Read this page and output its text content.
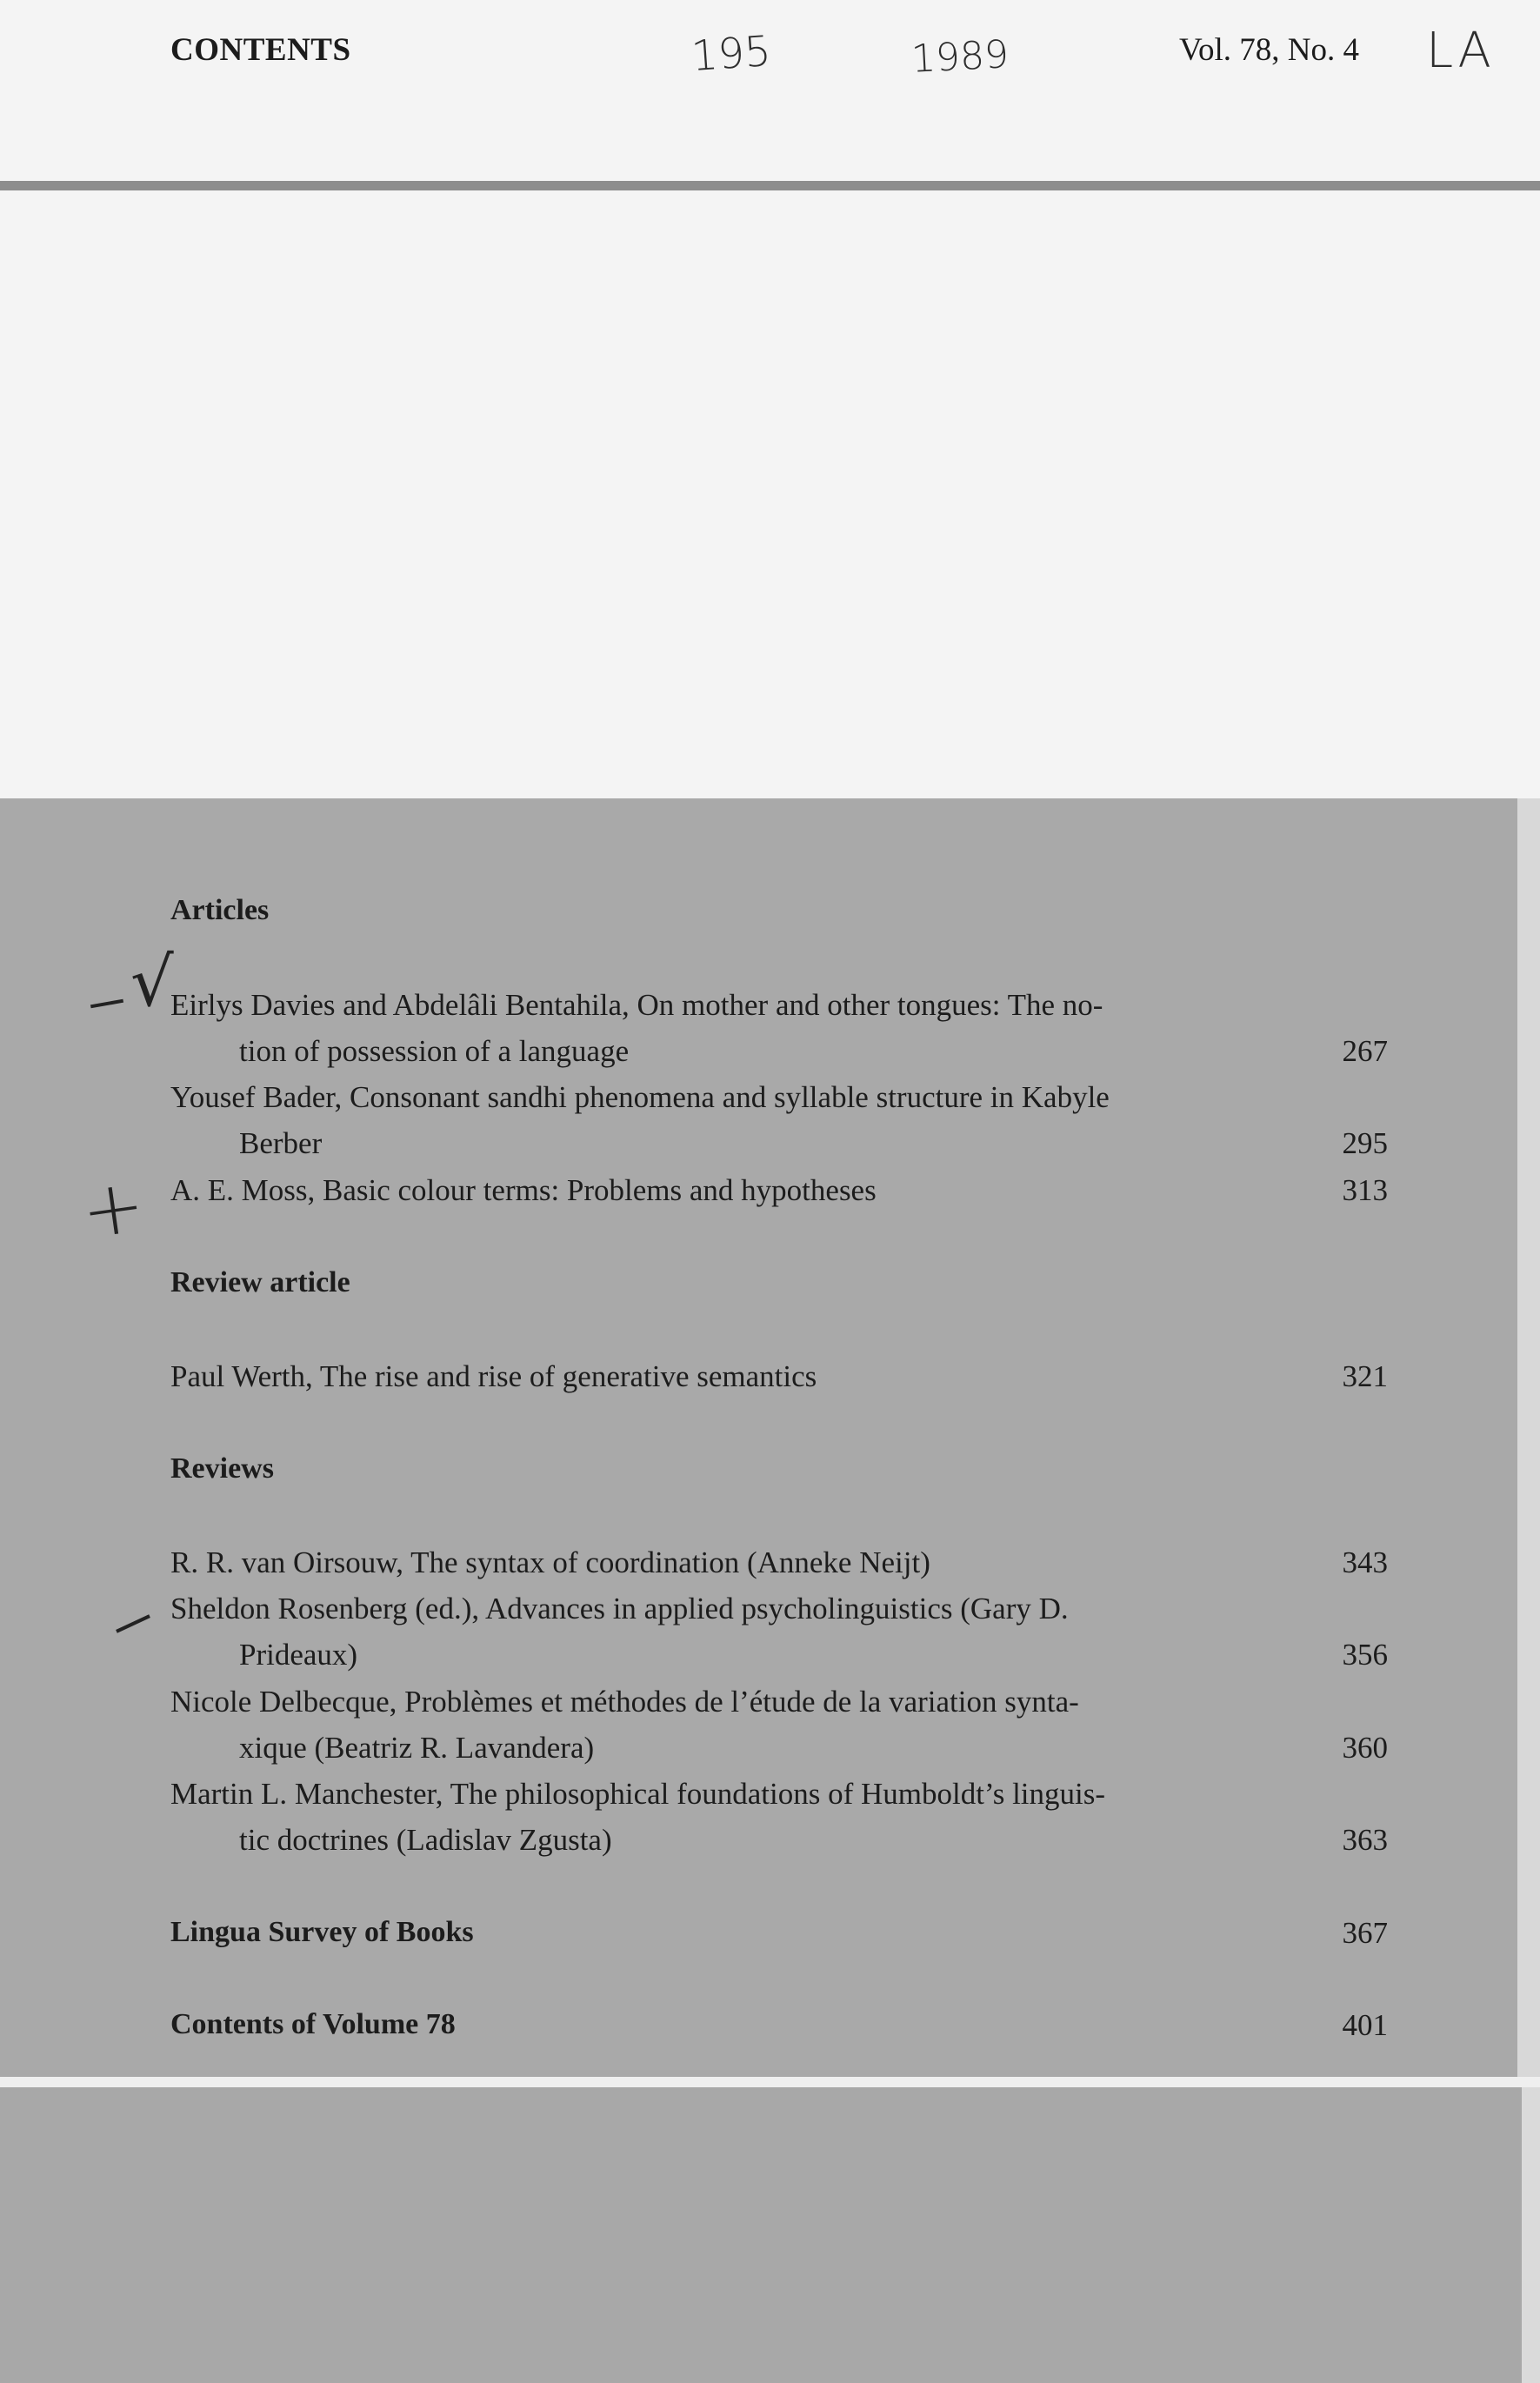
CONTENTS	195	1989	Vol. 78, No. 4 LA
Articles
√
Eirlys Davies and Abdelâli Bentahila, On mother and other tongues: The no-
tion of possession of a language	267
Yousef Bader, Consonant sandhi phenomena and syllable structure in Kabyle
Berber	295
+ A. E. Moss, Basic colour terms: Problems and hypotheses	313
Review article
Paul Werth, The rise and rise of generative semantics	321
Reviews
R. R. van Oirsouw, The syntax of coordination (Anneke Neijt)	343
Sheldon Rosenberg (ed.), Advances in applied psycholinguistics (Gary D.
Prideaux)	356
Nicole Delbecque, Problèmes et méthodes de l’étude de la variation synta-
xique (Beatriz R. Lavandera)	360
Martin L. Manchester, The philosophical foundations of Humboldt’s linguis-
tic doctrines (Ladislav Zgusta)	363
Lingua Survey of Books	367
Contents of Volume 78	401
